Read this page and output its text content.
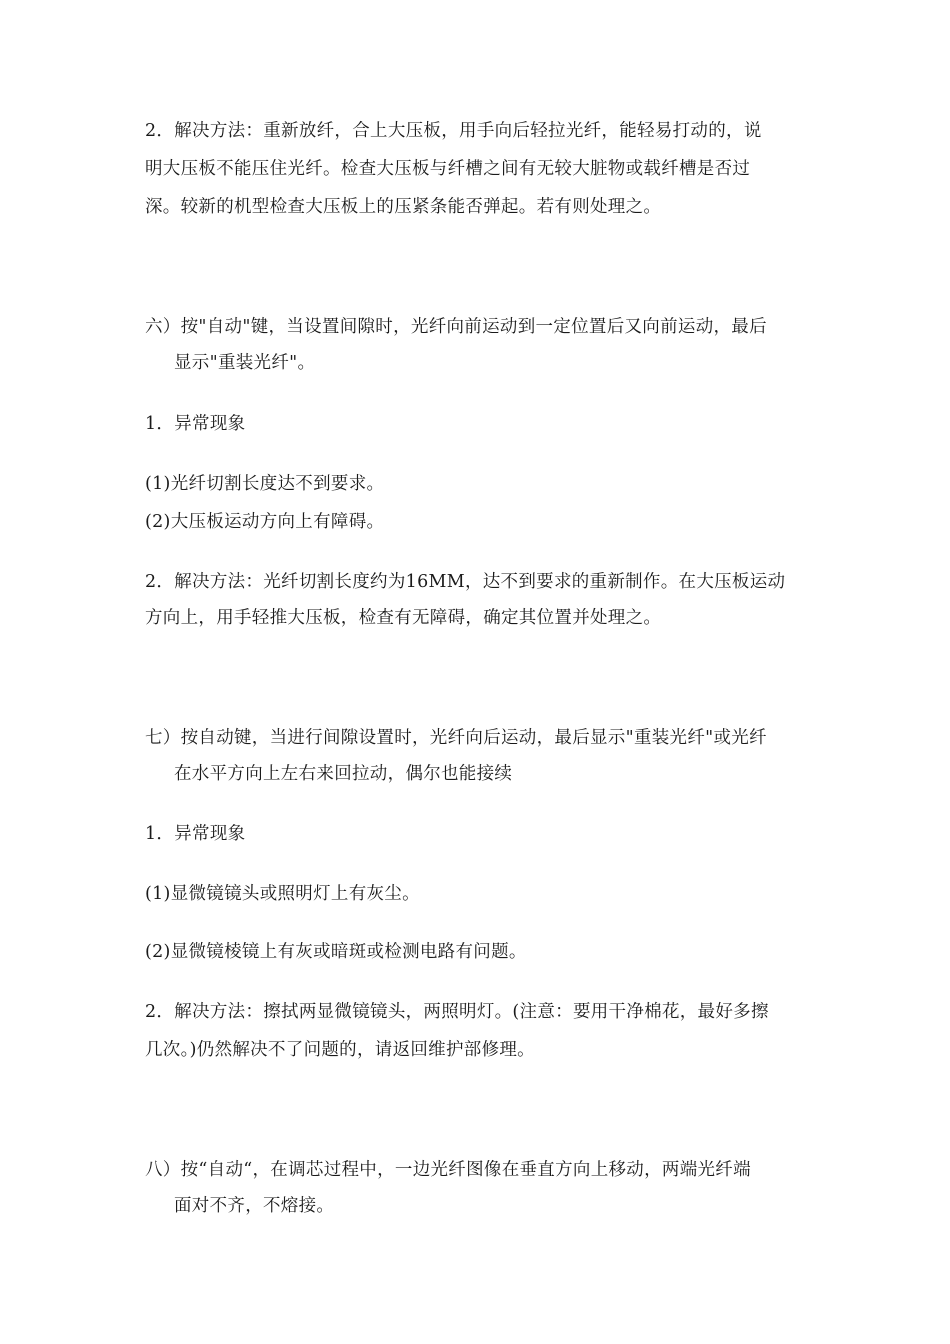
2．解决方法：重新放纤，合上大压板，用手向后轻拉光纤，能轻易打动的，说
明大压板不能压住光纤。检查大压板与纤槽之间有无较大脏物或载纤槽是否过
深。较新的机型检查大压板上的压紧条能否弹起。若有则处理之。
六）按"自动"键，当设置间隙时，光纤向前运动到一定位置后又向前运动，最后
显示"重装光纤"。
1．异常现象
(1)光纤切割长度达不到要求。
(2)大压板运动方向上有障碍。
2．解决方法：光纤切割长度约为16MM，达不到要求的重新制作。在大压板运动
方向上，用手轻推大压板，检查有无障碍，确定其位置并处理之。
七）按自动键，当进行间隙设置时，光纤向后运动，最后显示"重装光纤"或光纤
在水平方向上左右来回拉动，偶尔也能接续
1．异常现象
(1)显微镜镜头或照明灯上有灰尘。
(2)显微镜棱镜上有灰或暗斑或检测电路有问题。
2．解决方法：擦拭两显微镜镜头，两照明灯。(注意：要用干净棉花，最好多擦
几次。)仍然解决不了问题的，请返回维护部修理。
八）按“自动“，在调芯过程中，一边光纤图像在垂直方向上移动，两端光纤端
面对不齐，不熔接。
